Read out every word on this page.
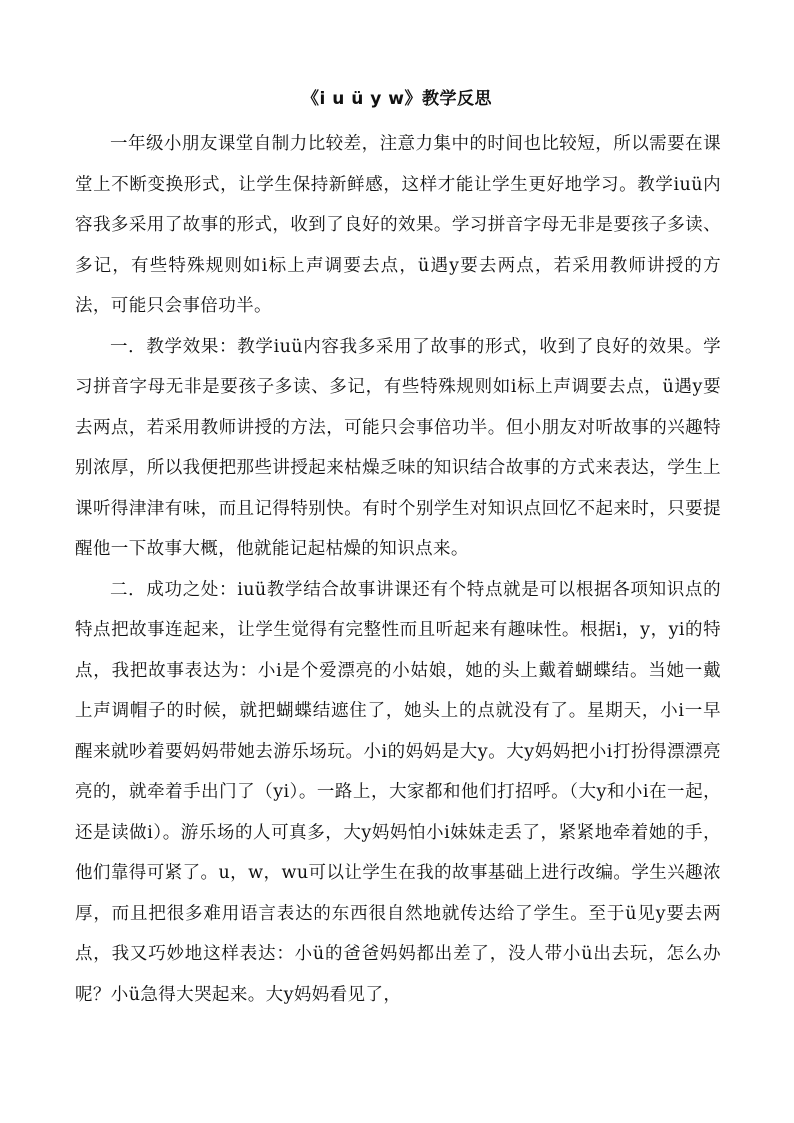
《i u ü y w》教学反思

一年级小朋友课堂自制力比较差，注意力集中的时间也比较短，所以需要在课堂上不断变换形式，让学生保持新鲜感，这样才能让学生更好地学习。教学iuü内容我多采用了故事的形式，收到了良好的效果。学习拼音字母无非是要孩子多读、多记，有些特殊规则如i标上声调要去点，ü遇y要去两点，若采用教师讲授的方法，可能只会事倍功半。

一．教学效果：教学iuü内容我多采用了故事的形式，收到了良好的效果。学习拼音字母无非是要孩子多读、多记，有些特殊规则如i标上声调要去点，ü遇y要去两点，若采用教师讲授的方法，可能只会事倍功半。但小朋友对听故事的兴趣特别浓厚，所以我便把那些讲授起来枯燥乏味的知识结合故事的方式来表达，学生上课听得津津有味，而且记得特别快。有时个别学生对知识点回忆不起来时，只要提醒他一下故事大概，他就能记起枯燥的知识点来。

二．成功之处：iuü教学结合故事讲课还有个特点就是可以根据各项知识点的特点把故事连起来，让学生觉得有完整性而且听起来有趣味性。根据i，y，yi的特点，我把故事表达为：小i是个爱漂亮的小姑娘，她的头上戴着蝴蝶结。当她一戴上声调帽子的时候，就把蝴蝶结遮住了，她头上的点就没有了。星期天，小i一早醒来就吵着要妈妈带她去游乐场玩。小i的妈妈是大y。大y妈妈把小i打扮得漂漂亮亮的，就牵着手出门了（yi）。一路上，大家都和他们打招呼。（大y和小i在一起，还是读做i）。游乐场的人可真多，大y妈妈怕小i妹妹走丢了，紧紧地牵着她的手，他们靠得可紧了。u，w，wu可以让学生在我的故事基础上进行改编。学生兴趣浓厚，而且把很多难用语言表达的东西很自然地就传达给了学生。至于ü见y要去两点，我又巧妙地这样表达：小ü的爸爸妈妈都出差了，没人带小ü出去玩，怎么办呢？小ü急得大哭起来。大y妈妈看见了，
